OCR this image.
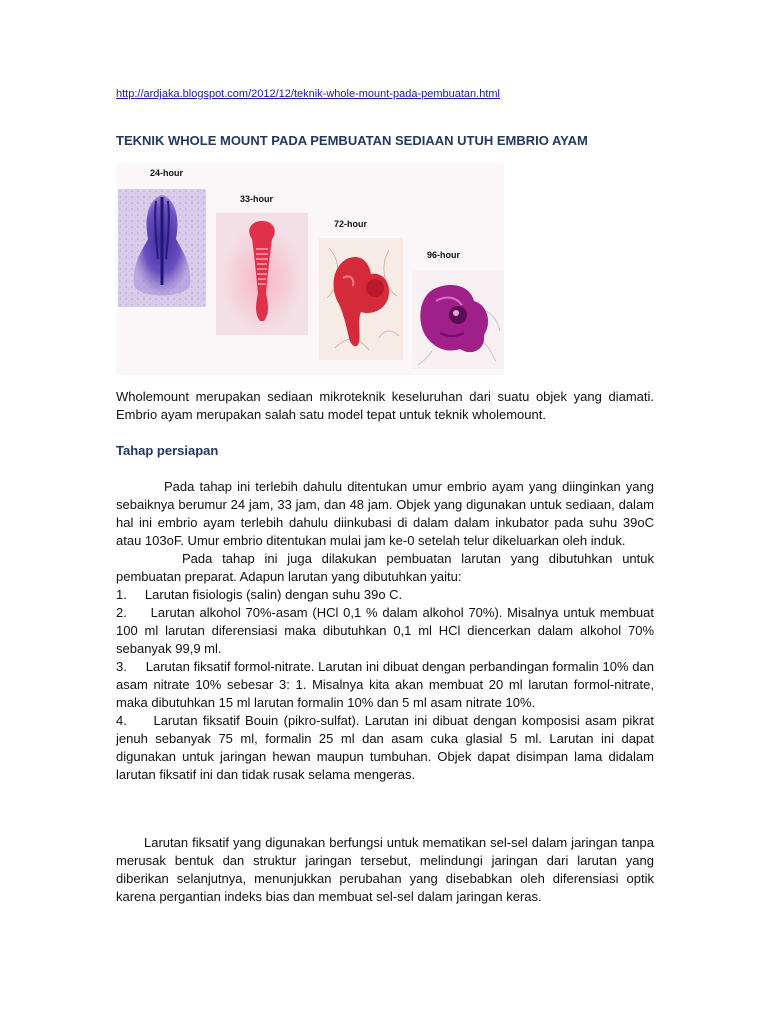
http://ardjaka.blogspot.com/2012/12/teknik-whole-mount-pada-pembuatan.html
TEKNIK WHOLE MOUNT PADA PEMBUATAN SEDIAAN UTUH EMBRIO AYAM
24-hour
33-hour
72-hour
96-hour

Wholemount merupakan sediaan mikroteknik keseluruhan dari suatu objek yang diamati. Embrio ayam merupakan salah satu model tepat untuk teknik wholemount.

Tahap persiapan

Pada tahap ini terlebih dahulu ditentukan umur embrio ayam yang diinginkan yang sebaiknya berumur 24 jam, 33 jam, dan 48 jam. Objek yang digunakan untuk sediaan, dalam hal ini embrio ayam terlebih dahulu diinkubasi di dalam dalam inkubator pada suhu 39oC atau 103oF. Umur embrio ditentukan mulai jam ke-0 setelah telur dikeluarkan oleh induk.

Pada tahap ini juga dilakukan pembuatan larutan yang dibutuhkan untuk pembuatan preparat. Adapun larutan yang dibutuhkan yaitu:

1.     Larutan fisiologis (salin) dengan suhu 39o C.

2.     Larutan alkohol 70%-asam (HCl 0,1 % dalam alkohol 70%). Misalnya untuk membuat 100 ml larutan diferensiasi maka dibutuhkan 0,1 ml HCl diencerkan dalam alkohol 70% sebanyak 99,9 ml.

3.     Larutan fiksatif formol-nitrate. Larutan ini dibuat dengan perbandingan formalin 10% dan asam nitrate 10% sebesar 3: 1. Misalnya kita akan membuat 20 ml larutan formol-nitrate, maka dibutuhkan 15 ml larutan formalin 10% dan 5 ml asam nitrate 10%.

4.     Larutan fiksatif Bouin (pikro-sulfat). Larutan ini dibuat dengan komposisi asam pikrat jenuh sebanyak 75 ml, formalin 25 ml dan asam cuka glasial 5 ml. Larutan ini dapat digunakan untuk jaringan hewan maupun tumbuhan. Objek dapat disimpan lama didalam larutan fiksatif ini dan tidak rusak selama mengeras.

Larutan fiksatif yang digunakan berfungsi untuk mematikan sel-sel dalam jaringan tanpa merusak bentuk dan struktur jaringan tersebut, melindungi jaringan dari larutan yang diberikan selanjutnya, menunjukkan perubahan yang disebabkan oleh diferensiasi optik karena pergantian indeks bias dan membuat sel-sel dalam jaringan keras.
